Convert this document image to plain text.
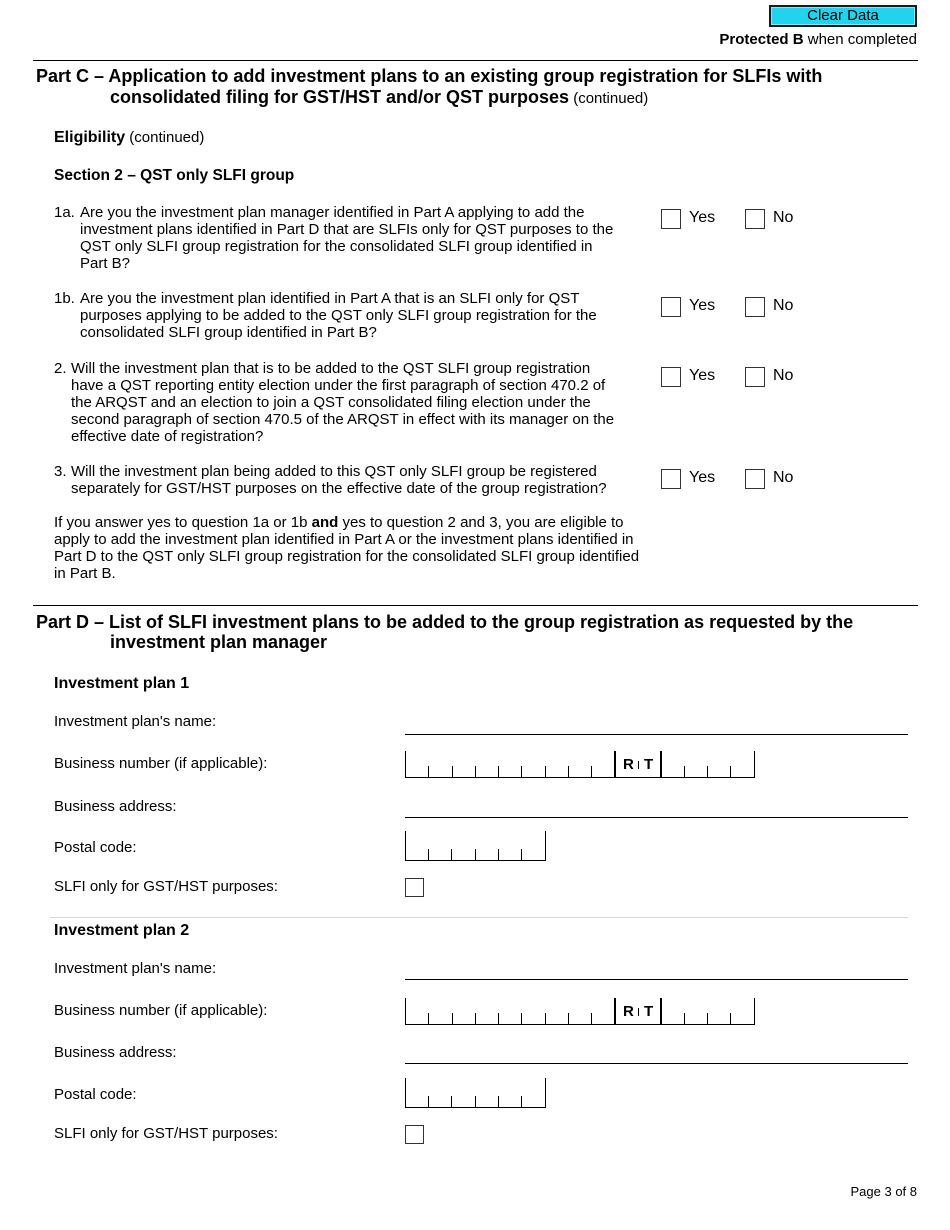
Clear Data
Protected B when completed
Part C – Application to add investment plans to an existing group registration for SLFIs with
consolidated filing for GST/HST and/or QST purposes (continued)
Eligibility (continued)
Section 2 – QST only SLFI group
1a. Are you the investment plan manager identified in Part A applying to add the
investment plans identified in Part D that are SLFIs only for QST purposes to the
QST only SLFI group registration for the consolidated SLFI group identified in
Part B?
Yes	No
1b. Are you the investment plan identified in Part A that is an SLFI only for QST
purposes applying to be added to the QST only SLFI group registration for the
consolidated SLFI group identified in Part B?
Yes	No
2. Will the investment plan that is to be added to the QST SLFI group registration
have a QST reporting entity election under the first paragraph of section 470.2 of
the ARQST and an election to join a QST consolidated filing election under the
second paragraph of section 470.5 of the ARQST in effect with its manager on the
effective date of registration?
Yes	No
3. Will the investment plan being added to this QST only SLFI group be registered
separately for GST/HST purposes on the effective date of the group registration?
Yes	No
If you answer yes to question 1a or 1b and yes to question 2 and 3, you are eligible to
apply to add the investment plan identified in Part A or the investment plans identified in
Part D to the QST only SLFI group registration for the consolidated SLFI group identified
in Part B.
Part D – List of SLFI investment plans to be added to the group registration as requested by the
investment plan manager
Investment plan 1
Investment plan's name:
Business number (if applicable):	R T
Business address:
Postal code:
SLFI only for GST/HST purposes:
Investment plan 2
Investment plan's name:
Business number (if applicable):	R T
Business address:
Postal code:
SLFI only for GST/HST purposes:
Page 3 of 8
